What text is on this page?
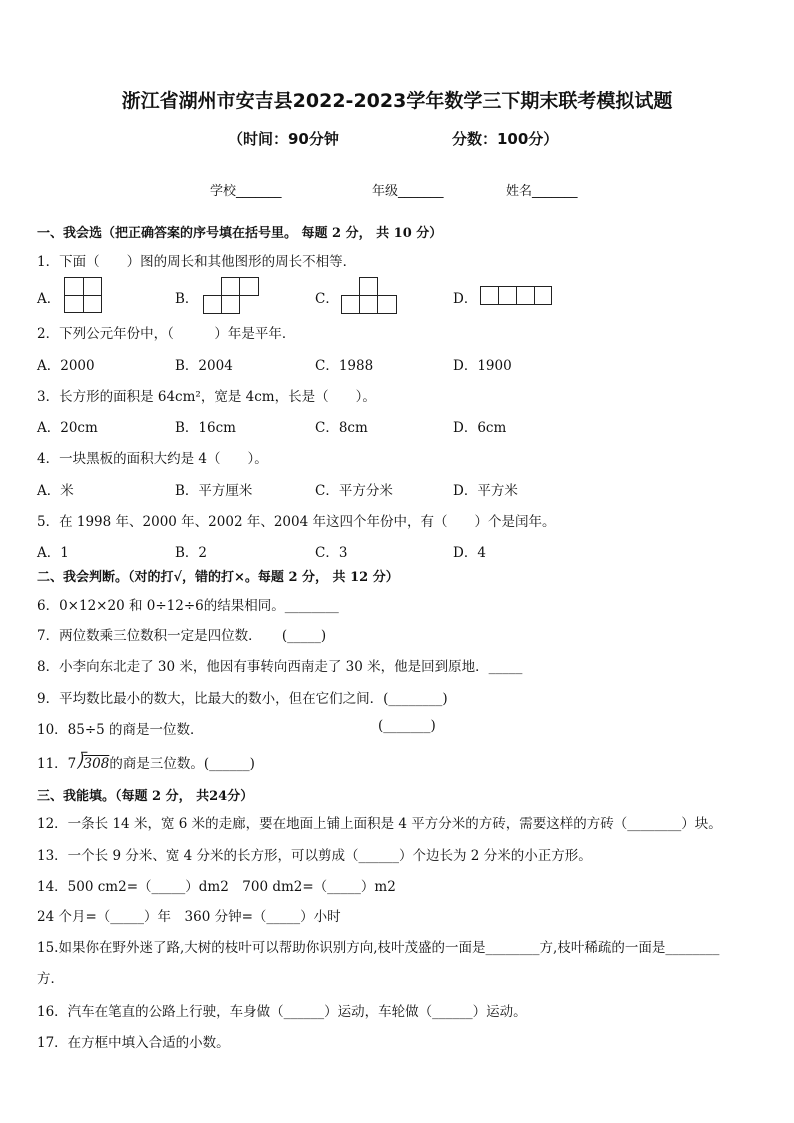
浙江省湖州市安吉县2022-2023学年数学三下期末联考模拟试题
（时间：90分钟	分数：100分）
学校_______	年级_______	姓名_______
一、我会选（把正确答案的序号填在括号里。 每题 2 分， 共 10 分）
1．下面（　　）图的周长和其他图形的周长不相等．
A．	B．	C．	D．
2．下列公元年份中，（　　　）年是平年．
A．2000	B．2004	C．1988	D．1900
3．长方形的面积是 64cm²，宽是 4cm，长是（　　）。
A．20cm	B．16cm	C．8cm	D．6cm
4．一块黑板的面积大约是 4（　　）。
A．米	B．平方厘米	C．平方分米	D．平方米
5．在 1998 年、2000 年、2002 年、2004 年这四个年份中，有（　　）个是闰年。
A．1	B．2	C．3	D．4
二、我会判断。（对的打√，错的打×。每题 2 分， 共 12 分）
6．0×12×20 和 0÷12÷6的结果相同。________
7．两位数乘三位数积一定是四位数．　　(_____)
8．小李向东北走了 30 米，他因有事转向西南走了 30 米，他是回到原地．_____
9．平均数比最小的数大，比最大的数小，但在它们之间．(________)
10．85÷5 的商是一位数．	(_______)
11．7⟌308的商是三位数。(______)
三、我能填。（每题 2 分， 共24分）
12．一条长 14 米，宽 6 米的走廊，要在地面上铺上面积是 4 平方分米的方砖，需要这样的方砖（________）块。
13．一个长 9 分米、宽 4 分米的长方形，可以剪成（______）个边长为 2 分米的小正方形。
14．500 cm2=（_____）dm2　700 dm2=（_____）m2
24 个月=（_____）年　360 分钟=（_____）小时
15.如果你在野外迷了路,大树的枝叶可以帮助你识别方向,枝叶茂盛的一面是________方,枝叶稀疏的一面是________
方．
16．汽车在笔直的公路上行驶，车身做（______）运动，车轮做（______）运动。
17．在方框中填入合适的小数。
